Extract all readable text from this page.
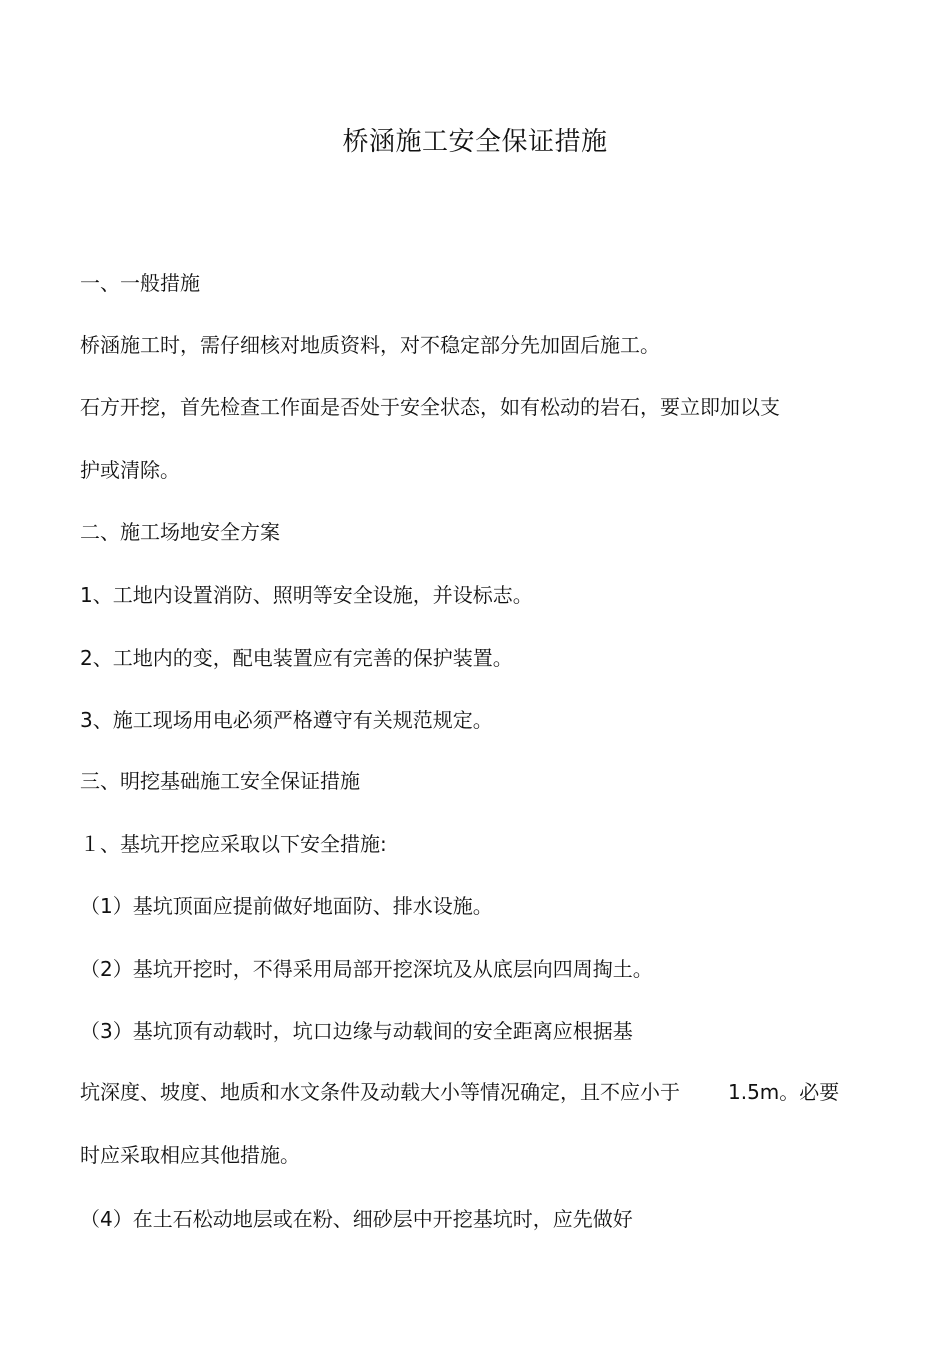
桥涵施工安全保证措施
一、一般措施
桥涵施工时，需仔细核对地质资料，对不稳定部分先加固后施工。
石方开挖，首先检查工作面是否处于安全状态，如有松动的岩石，要立即加以支
护或清除。
二、施工场地安全方案
1、工地内设置消防、照明等安全设施，并设标志。
2、工地内的变，配电装置应有完善的保护装置。
3、施工现场用电必须严格遵守有关规范规定。
三、明挖基础施工安全保证措施
１、基坑开挖应采取以下安全措施:
（1）基坑顶面应提前做好地面防、排水设施。
（2）基坑开挖时，不得采用局部开挖深坑及从底层向四周掏土。
（3）基坑顶有动载时，坑口边缘与动载间的安全距离应根据基
坑深度、坡度、地质和水文条件及动载大小等情况确定，且不应小于 1.5m。必要
时应采取相应其他措施。
（4）在土石松动地层或在粉、细砂层中开挖基坑时，应先做好
